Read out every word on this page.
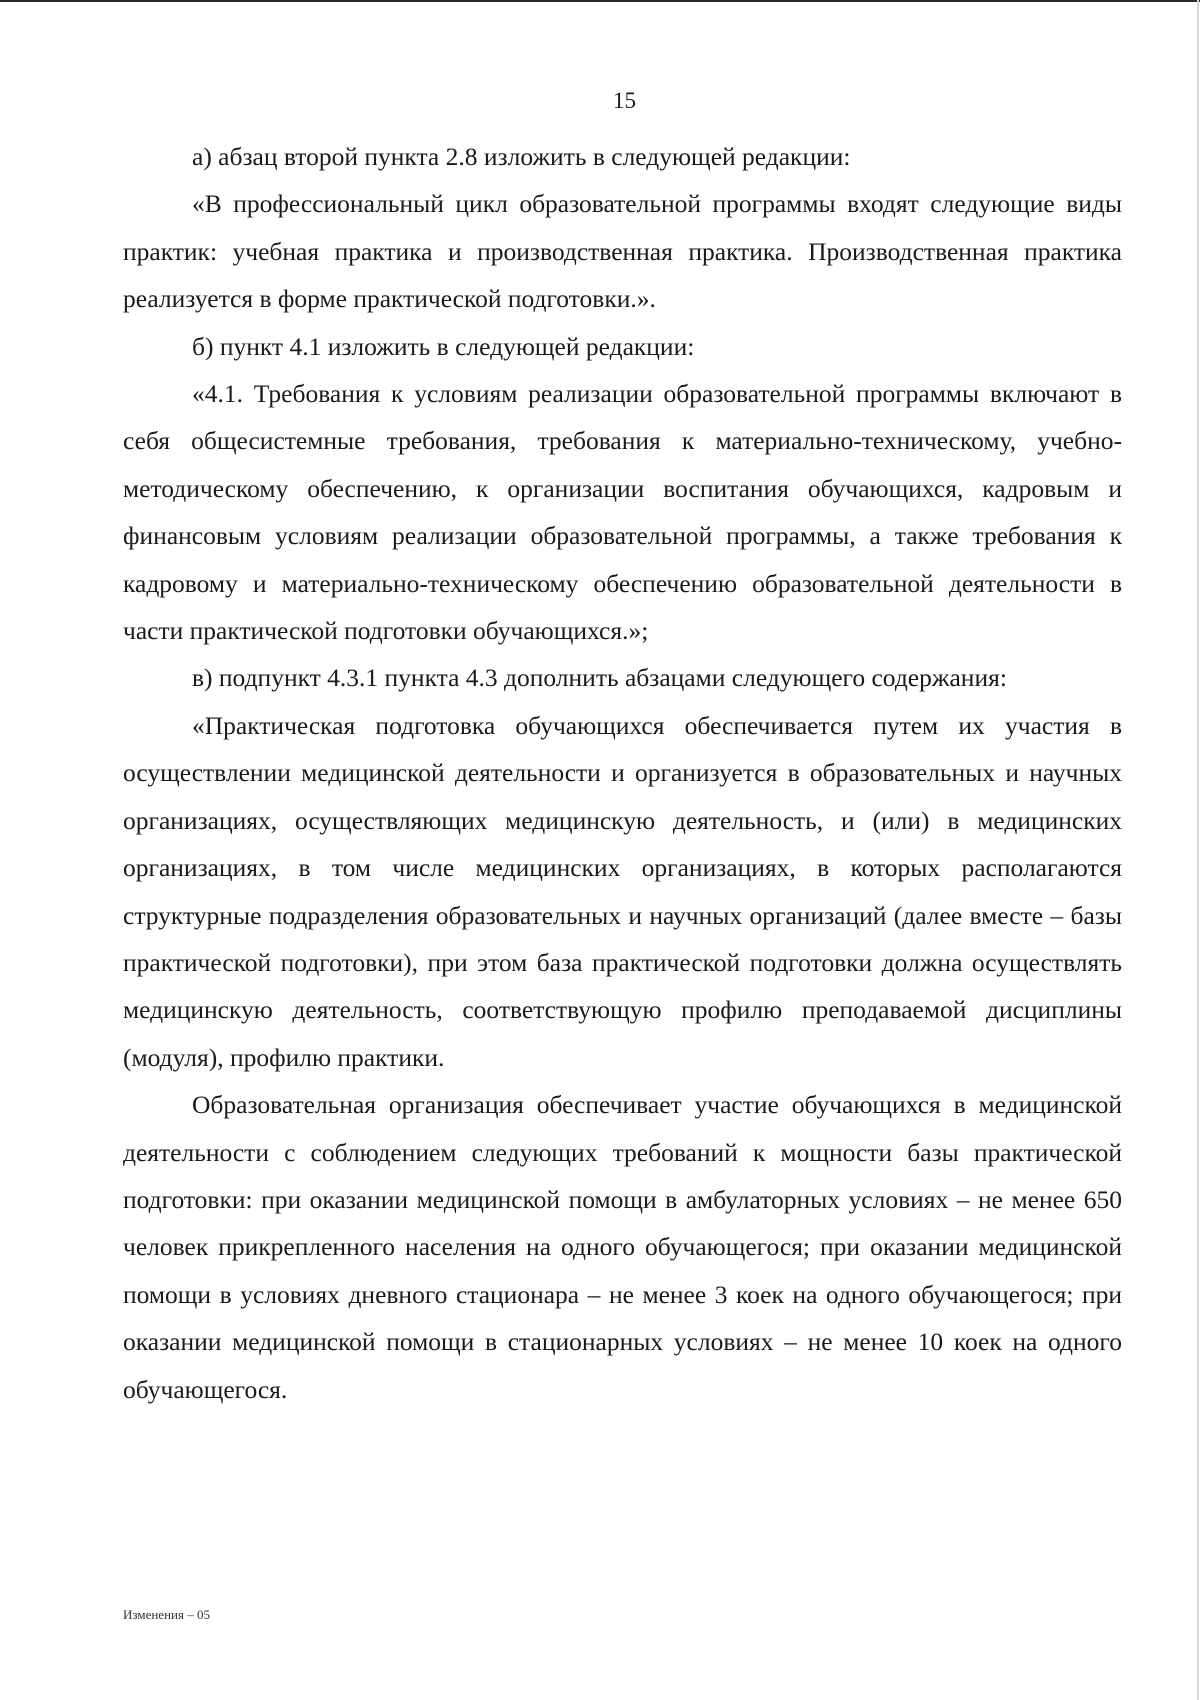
15

а) абзац второй пункта 2.8 изложить в следующей редакции:

«В профессиональный цикл образовательной программы входят следующие виды практик: учебная практика и производственная практика. Производственная практика реализуется в форме практической подготовки.».

б) пункт 4.1 изложить в следующей редакции:

«4.1. Требования к условиям реализации образовательной программы включают в себя общесистемные требования, требования к материально-техническому, учебно-методическому обеспечению, к организации воспитания обучающихся, кадровым и финансовым условиям реализации образовательной программы, а также требования к кадровому и материально-техническому обеспечению образовательной деятельности в части практической подготовки обучающихся.»;

в) подпункт 4.3.1 пункта 4.3 дополнить абзацами следующего содержания:

«Практическая подготовка обучающихся обеспечивается путем их участия в осуществлении медицинской деятельности и организуется в образовательных и научных организациях, осуществляющих медицинскую деятельность, и (или) в медицинских организациях, в том числе медицинских организациях, в которых располагаются структурные подразделения образовательных и научных организаций (далее вместе – базы практической подготовки), при этом база практической подготовки должна осуществлять медицинскую деятельность, соответствующую профилю преподаваемой дисциплины (модуля), профилю практики.

Образовательная организация обеспечивает участие обучающихся в медицинской деятельности с соблюдением следующих требований к мощности базы практической подготовки: при оказании медицинской помощи в амбулаторных условиях – не менее 650 человек прикрепленного населения на одного обучающегося; при оказании медицинской помощи в условиях дневного стационара – не менее 3 коек на одного обучающегося; при оказании медицинской помощи в стационарных условиях – не менее 10 коек на одного обучающегося.

Изменения – 05
